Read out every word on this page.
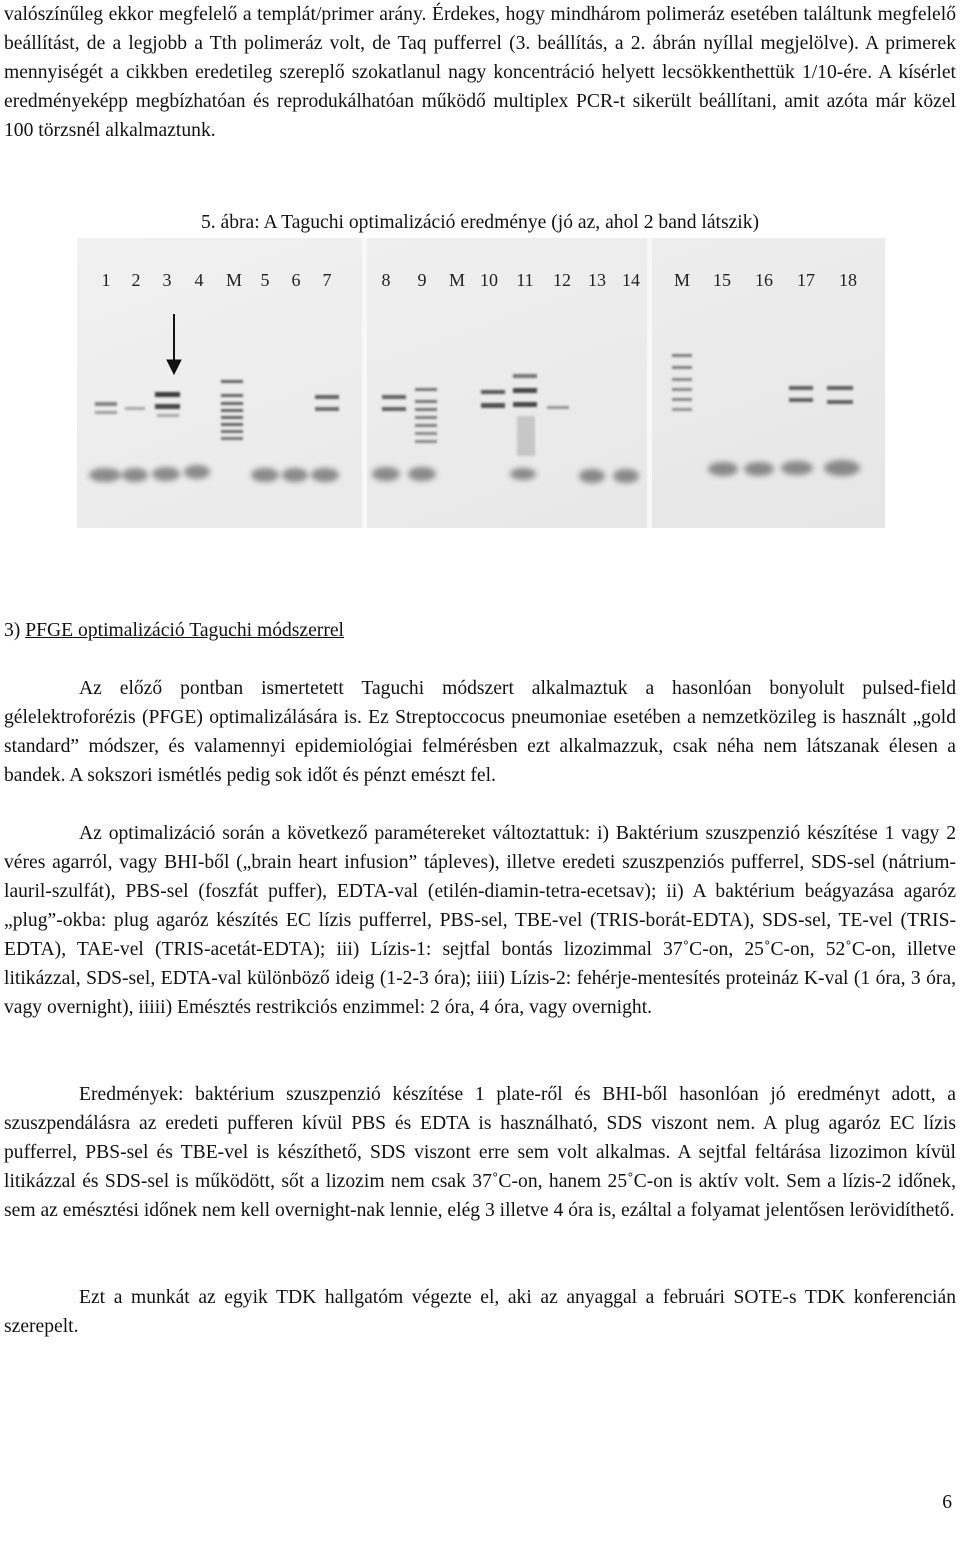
valószínűleg ekkor megfelelő a templát/primer arány. Érdekes, hogy mindhárom polimeráz esetében találtunk megfelelő beállítást, de a legjobb a Tth polimeráz volt, de Taq pufferrel (3. beállítás, a 2. ábrán nyíllal megjelölve). A primerek mennyiségét a cikkben eredetileg szereplő szokatlanul nagy koncentráció helyett lecsökkenthettük 1/10-ére. A kísérlet eredményeképp megbízhatóan és reprodukálhatóan működő multiplex PCR-t sikerült beállítani, amit azóta már közel 100 törzsnél alkalmaztunk.

5. ábra: A Taguchi optimalizáció eredménye (jó az, ahol 2 band látszik)
1 2 3 4 M 5 6 7	8 9 M 10 11 12 13 14 M 15 16 17 18
3) PFGE optimalizáció Taguchi módszerrel

Az előző pontban ismertetett Taguchi módszert alkalmaztuk a hasonlóan bonyolult pulsed-field gélelektroforézis (PFGE) optimalizálására is. Ez Streptoccocus pneumoniae esetében a nemzetközileg is használt „gold standard” módszer, és valamennyi epidemiológiai felmérésben ezt alkalmazzuk, csak néha nem látszanak élesen a bandek. A sokszori ismétlés pedig sok időt és pénzt emészt fel.

Az optimalizáció során a következő paramétereket változtattuk: i) Baktérium szuszpenzió készítése 1 vagy 2 véres agarról, vagy BHI-ből („brain heart infusion” tápleves), illetve eredeti szuszpenziós pufferrel, SDS-sel (nátrium-lauril-szulfát), PBS-sel (foszfát puffer), EDTA-val (etilén-diamin-tetra-ecetsav); ii) A baktérium beágyazása agaróz „plug”-okba: plug agaróz készítés EC lízis pufferrel, PBS-sel, TBE-vel (TRIS-borát-EDTA), SDS-sel, TE-vel (TRIS-EDTA), TAE-vel (TRIS-acetát-EDTA); iii) Lízis-1: sejtfal bontás lizozimmal 37˚C-on, 25˚C-on, 52˚C-on, illetve litikázzal, SDS-sel, EDTA-val különböző ideig (1-2-3 óra); iiii) Lízis-2: fehérje-mentesítés proteináz K-val (1 óra, 3 óra, vagy overnight), iiiii) Emésztés restrikciós enzimmel: 2 óra, 4 óra, vagy overnight.

Eredmények: baktérium szuszpenzió készítése 1 plate-ről és BHI-ből hasonlóan jó eredményt adott, a szuszpendálásra az eredeti pufferen kívül PBS és EDTA is használható, SDS viszont nem. A plug agaróz EC lízis pufferrel, PBS-sel és TBE-vel is készíthető, SDS viszont erre sem volt alkalmas. A sejtfal feltárása lizozimon kívül litikázzal és SDS-sel is működött, sőt a lizozim nem csak 37˚C-on, hanem 25˚C-on is aktív volt. Sem a lízis-2 időnek, sem az emésztési időnek nem kell overnight-nak lennie, elég 3 illetve 4 óra is, ezáltal a folyamat jelentősen lerövidíthető.

Ezt a munkát az egyik TDK hallgatóm végezte el, aki az anyaggal a februári SOTE-s TDK konferencián szerepelt.

6
